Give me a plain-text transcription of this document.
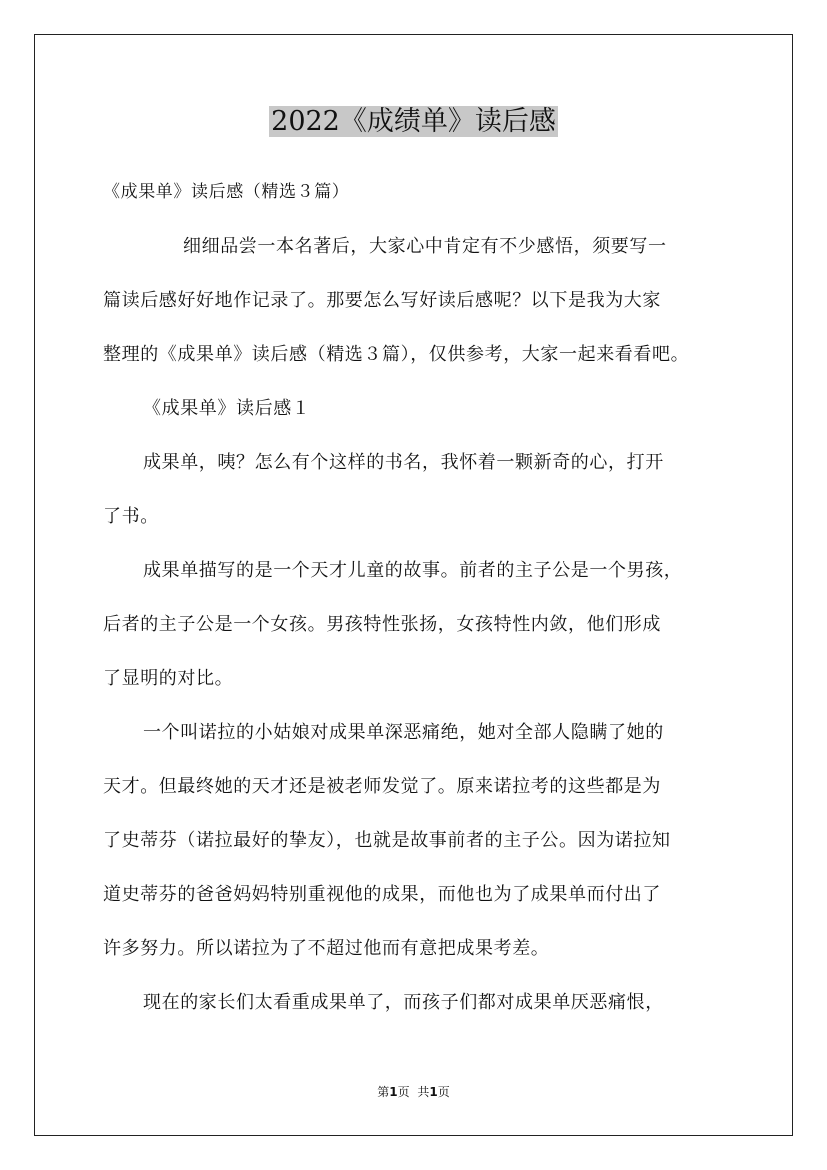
2022《成绩单》读后感
《成果单》读后感（精选３篇）
细细品尝一本名著后，大家心中肯定有不少感悟，须要写一
篇读后感好好地作记录了。那要怎么写好读后感呢？以下是我为大家
整理的《成果单》读后感（精选３篇），仅供参考，大家一起来看看吧。
《成果单》读后感１
成果单，咦？怎么有个这样的书名，我怀着一颗新奇的心，打开
了书。
成果单描写的是一个天才儿童的故事。前者的主子公是一个男孩，
后者的主子公是一个女孩。男孩特性张扬，女孩特性内敛，他们形成
了显明的对比。
一个叫诺拉的小姑娘对成果单深恶痛绝，她对全部人隐瞒了她的
天才。但最终她的天才还是被老师发觉了。原来诺拉考的这些都是为
了史蒂芬（诺拉最好的挚友），也就是故事前者的主子公。因为诺拉知
道史蒂芬的爸爸妈妈特别重视他的成果，而他也为了成果单而付出了
许多努力。所以诺拉为了不超过他而有意把成果考差。
现在的家长们太看重成果单了，而孩子们都对成果单厌恶痛恨，
第1页 共1页
